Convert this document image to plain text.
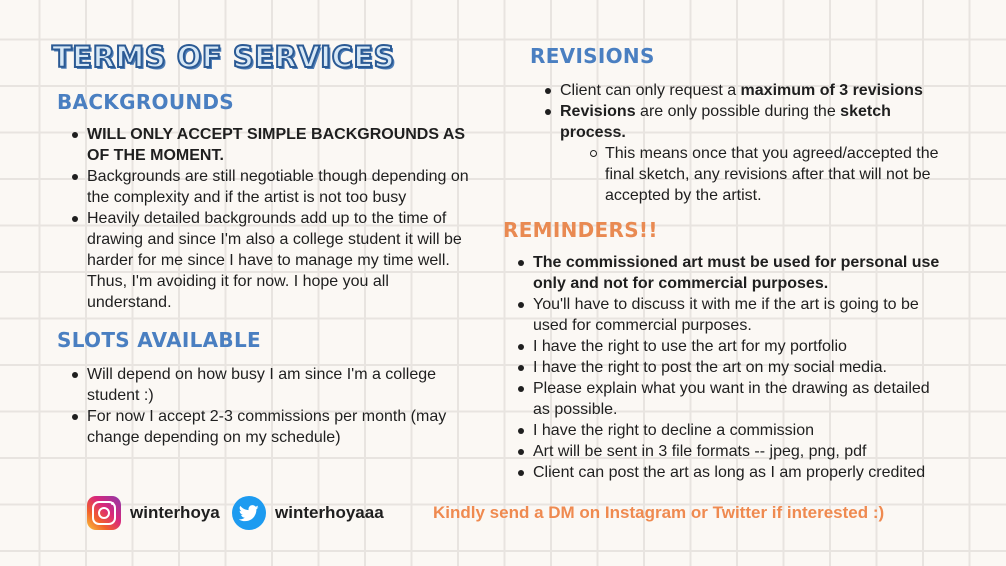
TERMS OF SERVICES
BACKGROUNDS
WILL ONLY ACCEPT SIMPLE BACKGROUNDS AS OF THE MOMENT.
Backgrounds are still negotiable though depending on the complexity and if the artist is not too busy
Heavily detailed backgrounds add up to the time of drawing and since I'm also a college student it will be harder for me since I have to manage my time well. Thus, I'm avoiding it for now. I hope you all understand.
SLOTS AVAILABLE
Will depend on how busy I am since I'm a college student :)
For now I accept 2-3 commissions per month (may change depending on my schedule)
REVISIONS
Client can only request a maximum of 3 revisions
Revisions are only possible during the sketch process.
This means once that you agreed/accepted the final sketch, any revisions after that will not be accepted by the artist.
REMINDERS!!
The commissioned art must be used for personal use only and not for commercial purposes.
You'll have to discuss it with me if the art is going to be used for commercial purposes.
I have the right to use the art for my portfolio
I have the right to post the art on my social media.
Please explain what you want in the drawing as detailed as possible.
I have the right to decline a commission
Art will be sent in 3 file formats -- jpeg, png, pdf
Client can post the art as long as I am properly credited
winterhoya	winterhoyaaa	Kindly send a DM on Instagram or Twitter if interested :)
